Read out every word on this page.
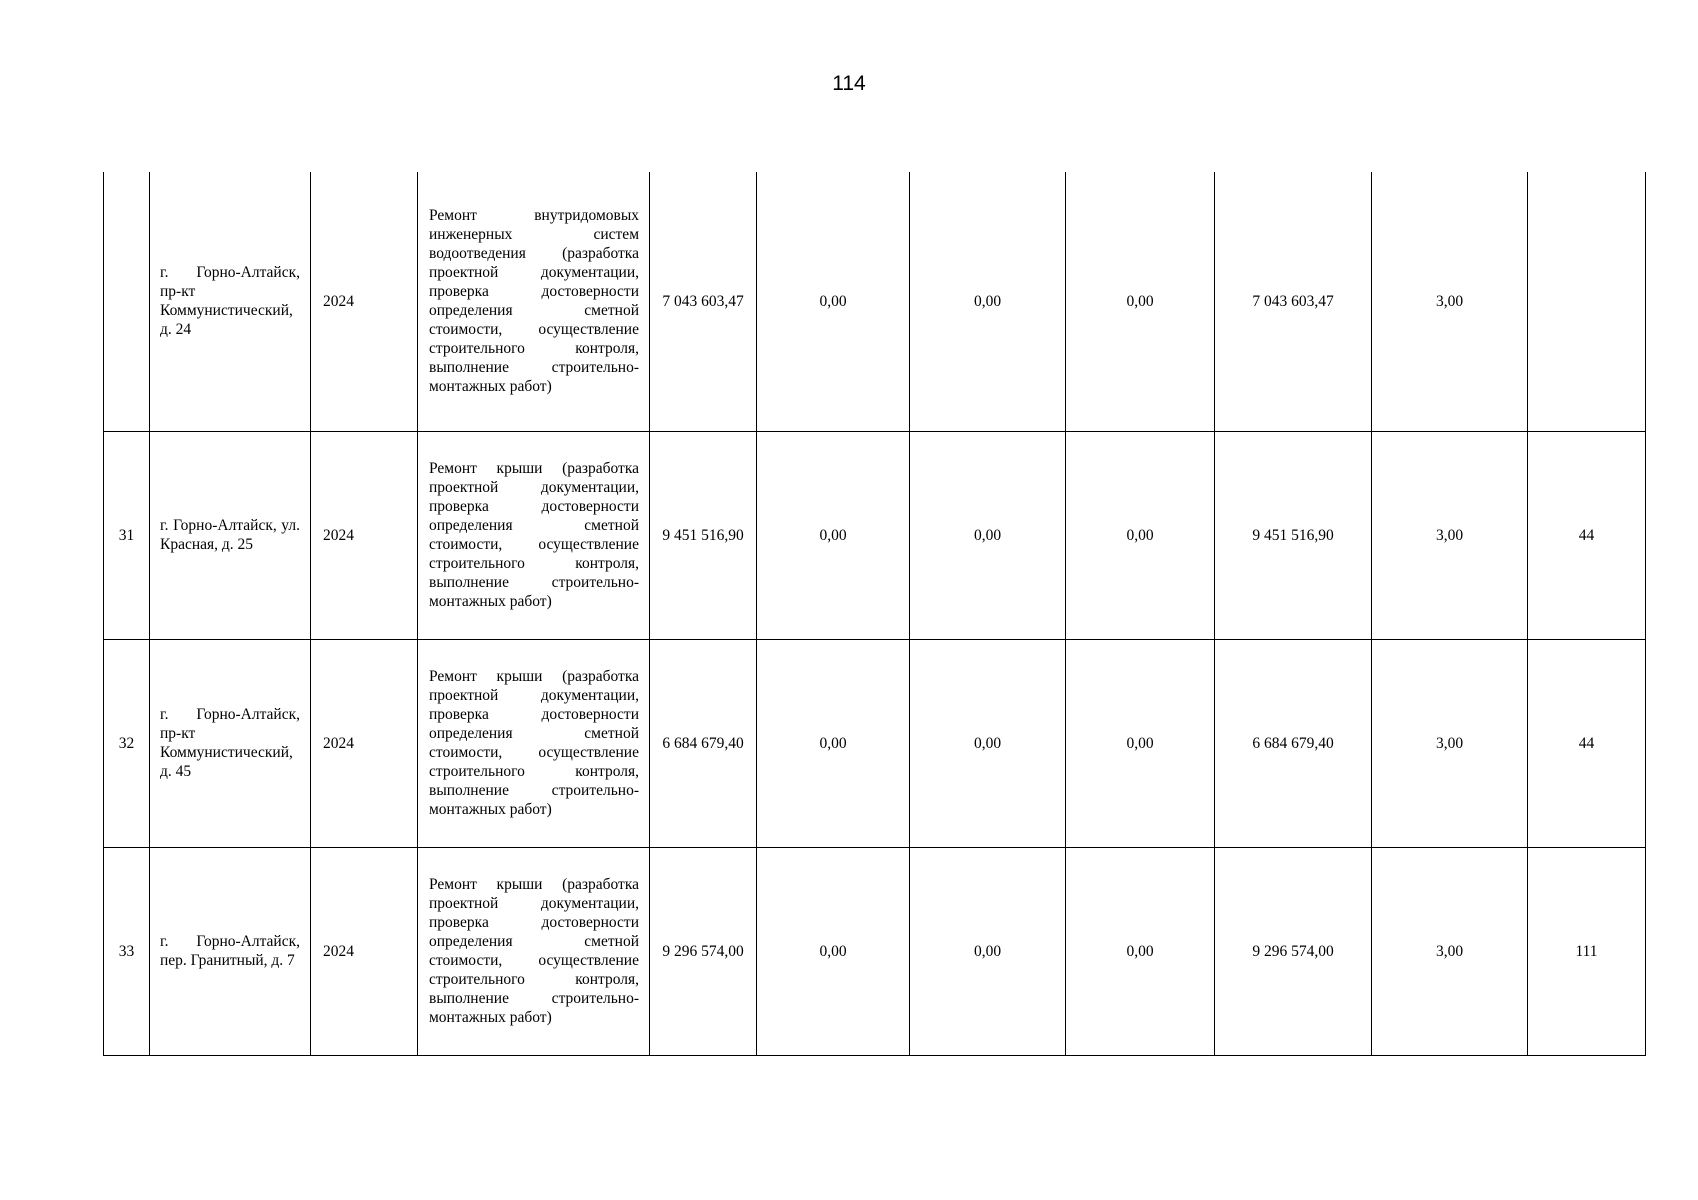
114
	г. Горно-Алтайск, пр-кт Коммунистический, д. 24	2024	Ремонт внутридомовых инженерных систем водоотведения (разработка проектной документации, проверка достоверности определения сметной стоимости, осуществление строительного контроля, выполнение строительно-монтажных работ)	7 043 603,47	0,00	0,00	0,00	7 043 603,47	3,00	
31	г. Горно-Алтайск, ул. Красная, д. 25	2024	Ремонт крыши (разработка проектной документации, проверка достоверности определения сметной стоимости, осуществление строительного контроля, выполнение строительно-монтажных работ)	9 451 516,90	0,00	0,00	0,00	9 451 516,90	3,00	44
32	г. Горно-Алтайск, пр-кт Коммунистический, д. 45	2024	Ремонт крыши (разработка проектной документации, проверка достоверности определения сметной стоимости, осуществление строительного контроля, выполнение строительно-монтажных работ)	6 684 679,40	0,00	0,00	0,00	6 684 679,40	3,00	44
33	г. Горно-Алтайск, пер. Гранитный, д. 7	2024	Ремонт крыши (разработка проектной документации, проверка достоверности определения сметной стоимости, осуществление строительного контроля, выполнение строительно-монтажных работ)	9 296 574,00	0,00	0,00	0,00	9 296 574,00	3,00	111
